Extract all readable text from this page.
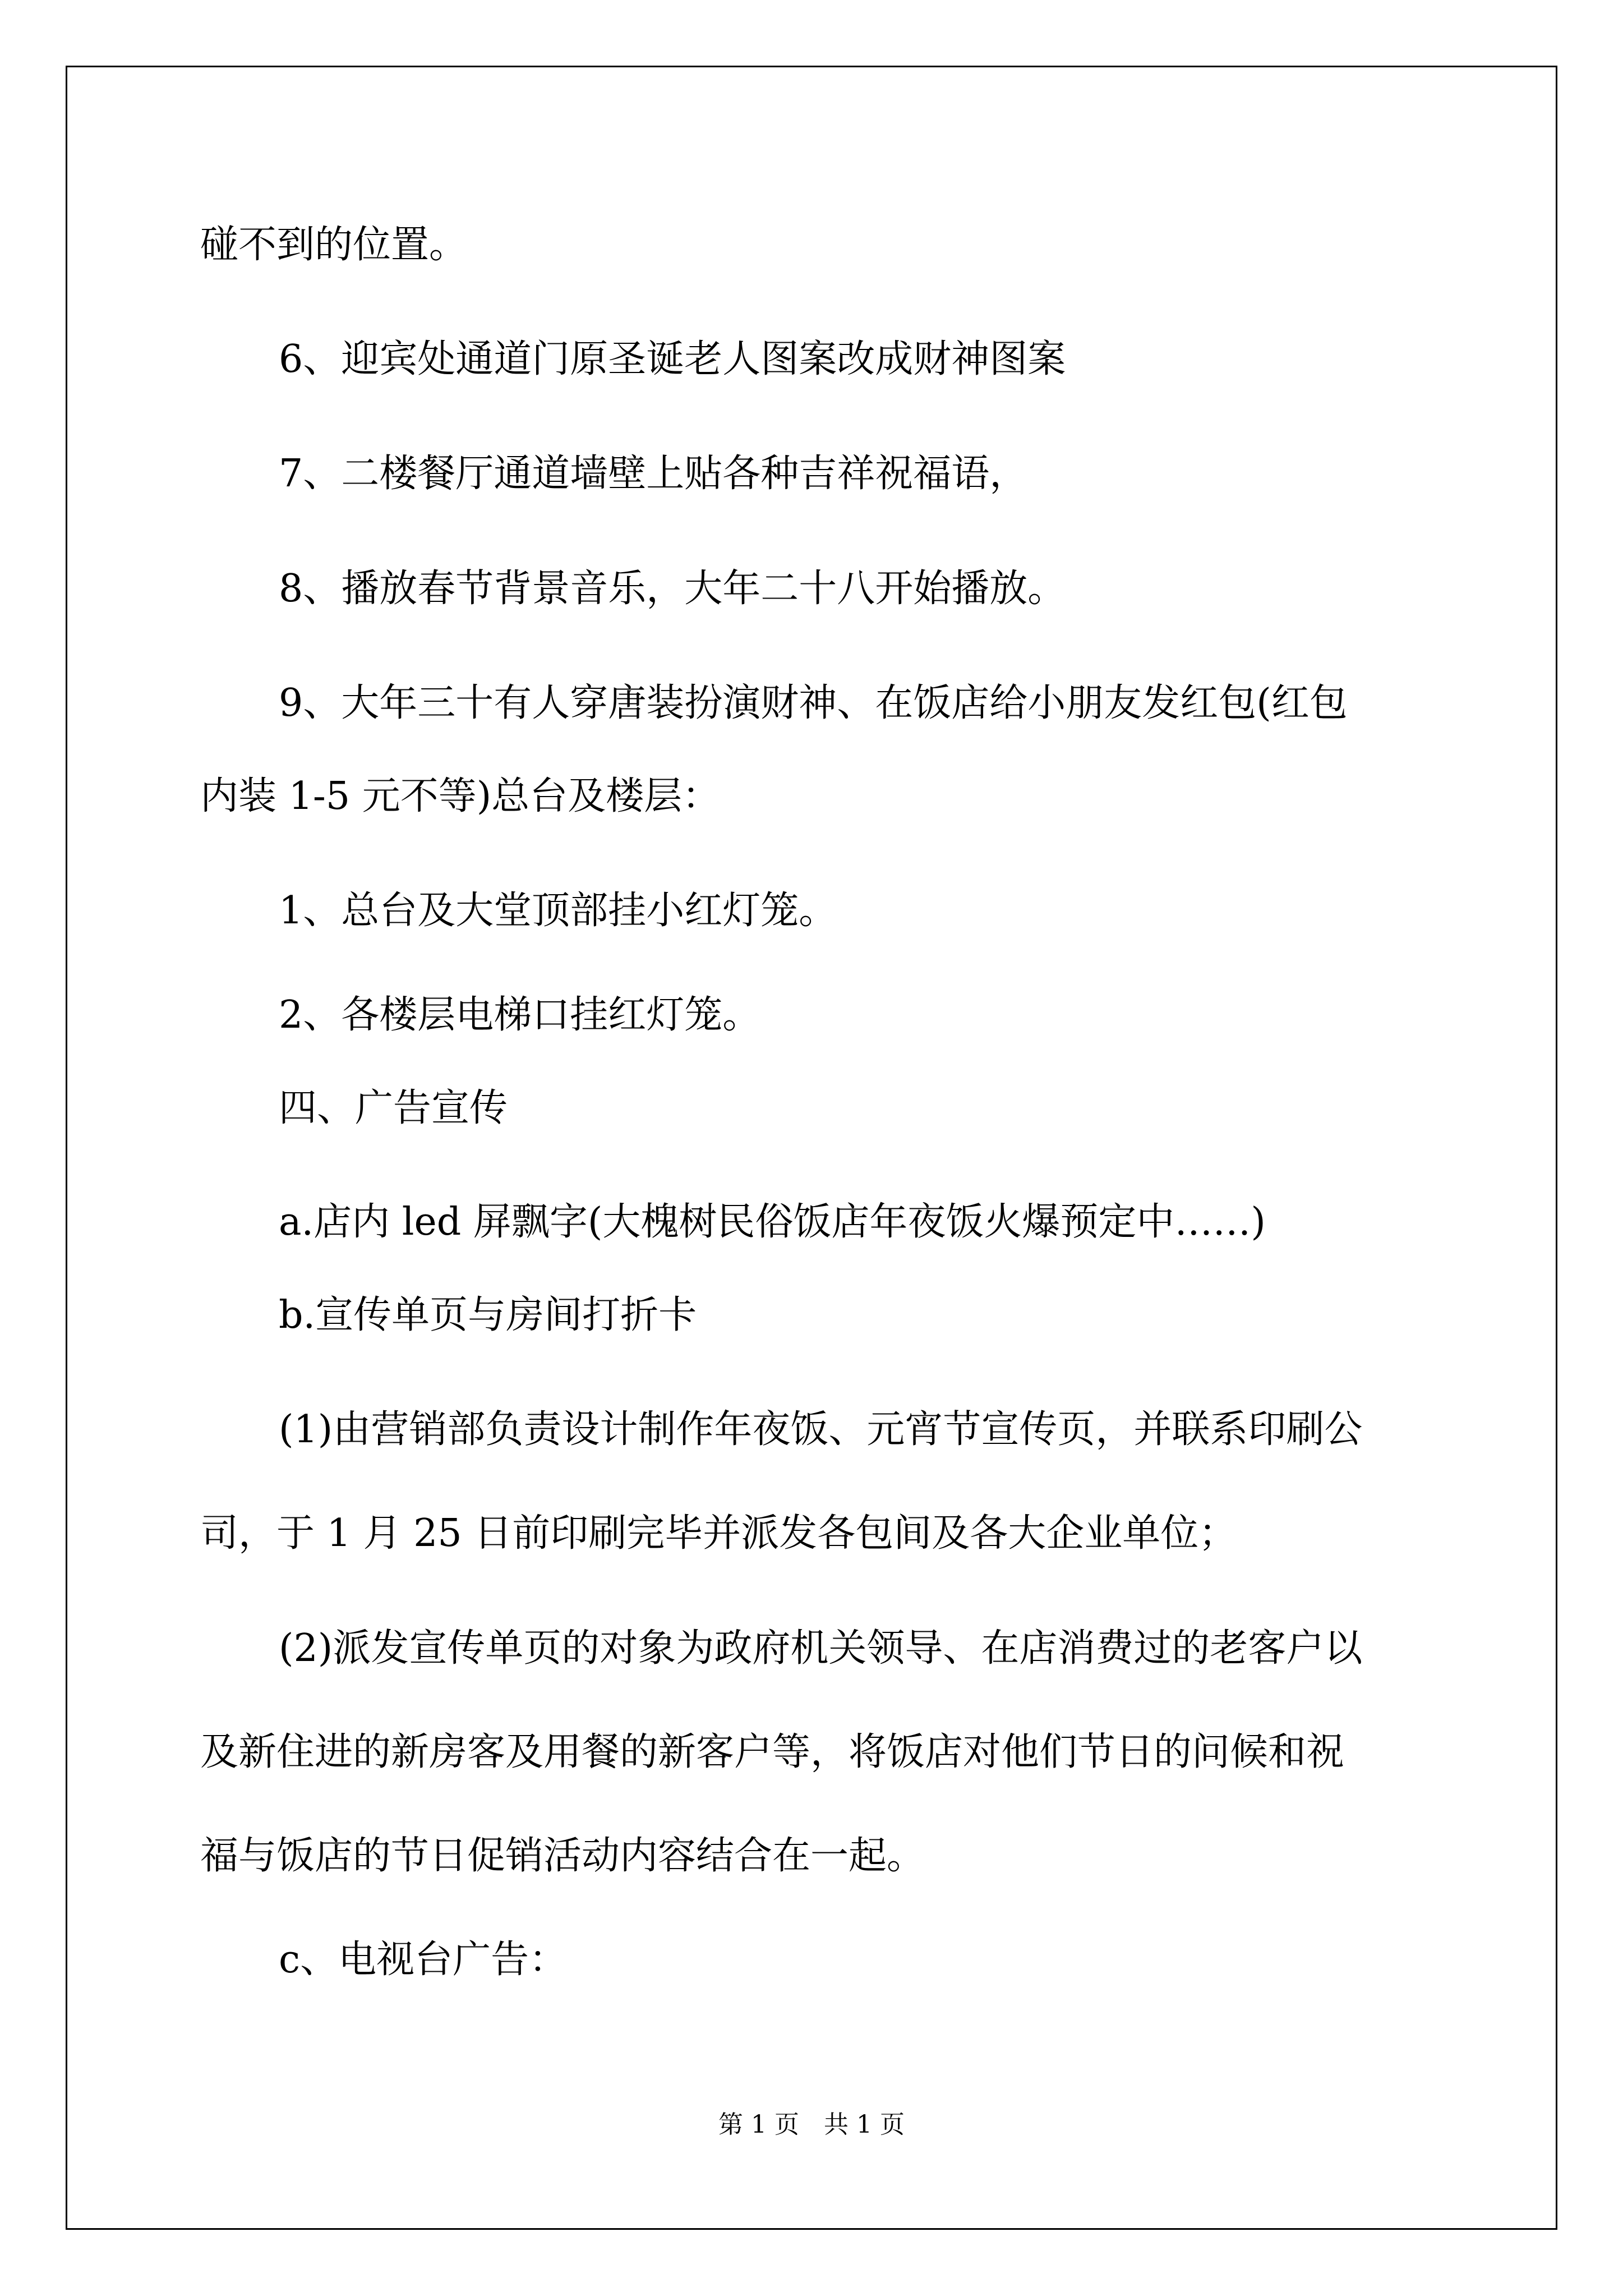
碰不到的位置。
6、迎宾处通道门原圣诞老人图案改成财神图案
7、二楼餐厅通道墙壁上贴各种吉祥祝福语，
8、播放春节背景音乐，大年二十八开始播放。
9、大年三十有人穿唐装扮演财神、在饭店给小朋友发红包(红包
内装 1-5 元不等)总台及楼层：
1、总台及大堂顶部挂小红灯笼。
2、各楼层电梯口挂红灯笼。
四、广告宣传
a.店内 led 屏飘字(大槐树民俗饭店年夜饭火爆预定中……)
b.宣传单页与房间打折卡
(1)由营销部负责设计制作年夜饭、元宵节宣传页，并联系印刷公
司，于 1 月 25 日前印刷完毕并派发各包间及各大企业单位；
(2)派发宣传单页的对象为政府机关领导、在店消费过的老客户以
及新住进的新房客及用餐的新客户等，将饭店对他们节日的问候和祝
福与饭店的节日促销活动内容结合在一起。
c、电视台广告：
第 1 页　共 1 页
